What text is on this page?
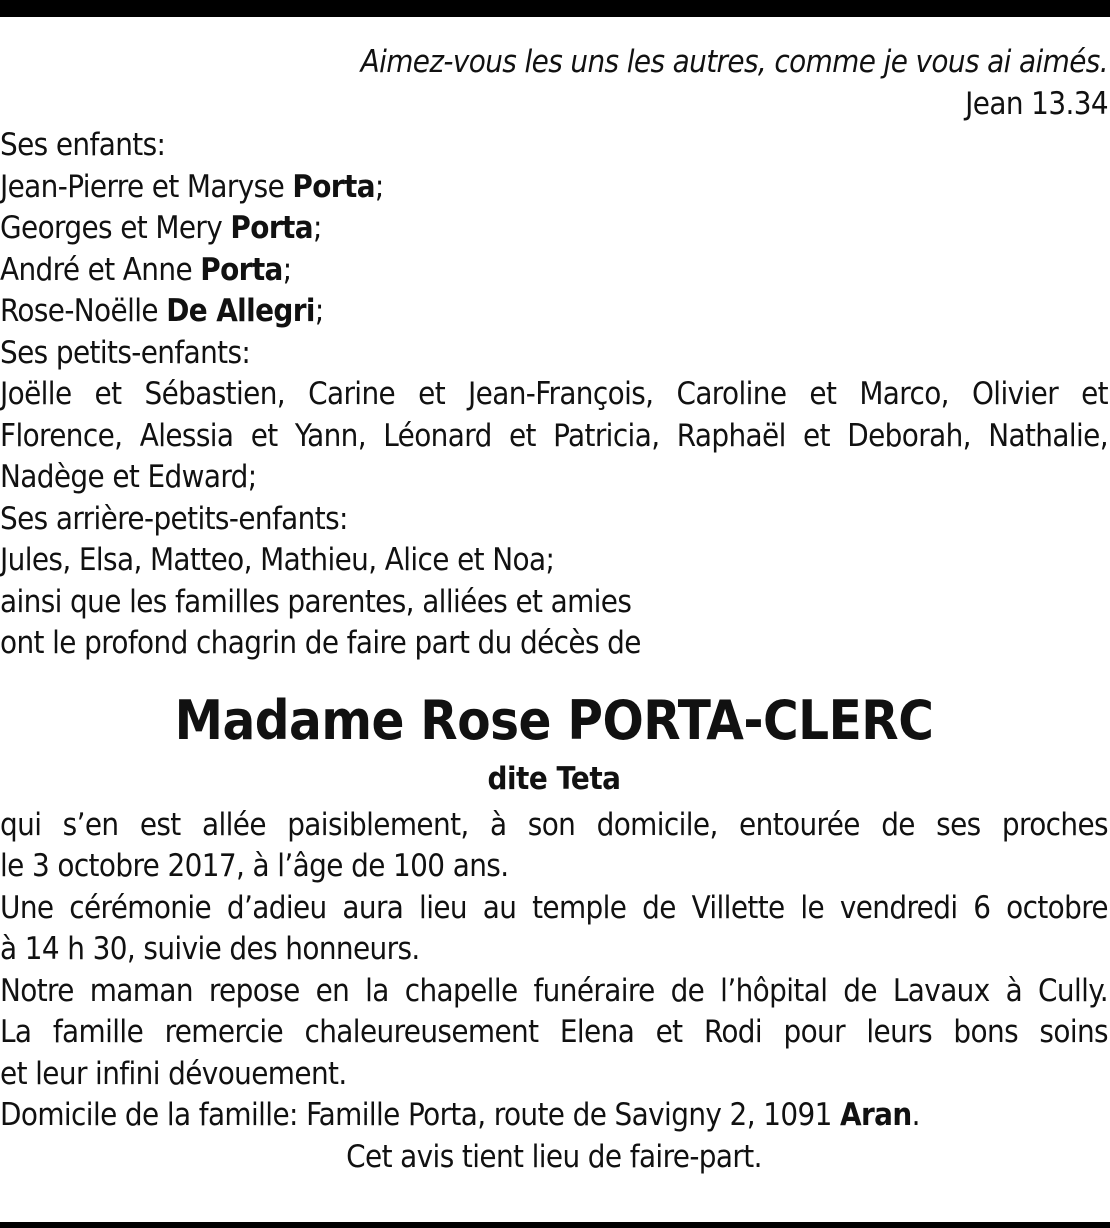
Aimez-vous les uns les autres, comme je vous ai aimés.
Jean 13.34
Ses enfants:
Jean-Pierre et Maryse Porta;
Georges et Mery Porta;
André et Anne Porta;
Rose-Noëlle De Allegri;
Ses petits-enfants:
Joëlle et Sébastien, Carine et Jean-François, Caroline et Marco, Olivier et
Florence, Alessia et Yann, Léonard et Patricia, Raphaël et Deborah, Nathalie,
Nadège et Edward;
Ses arrière-petits-enfants:
Jules, Elsa, Matteo, Mathieu, Alice et Noa;
ainsi que les familles parentes, alliées et amies
ont le profond chagrin de faire part du décès de
Madame Rose PORTA-CLERC
dite Teta
qui s’en est allée paisiblement, à son domicile, entourée de ses proches
le 3 octobre 2017, à l’âge de 100 ans.
Une cérémonie d’adieu aura lieu au temple de Villette le vendredi 6 octobre
à 14 h 30, suivie des honneurs.
Notre maman repose en la chapelle funéraire de l’hôpital de Lavaux à Cully.
La famille remercie chaleureusement Elena et Rodi pour leurs bons soins
et leur infini dévouement.
Domicile de la famille: Famille Porta, route de Savigny 2, 1091 Aran.
Cet avis tient lieu de faire-part.
